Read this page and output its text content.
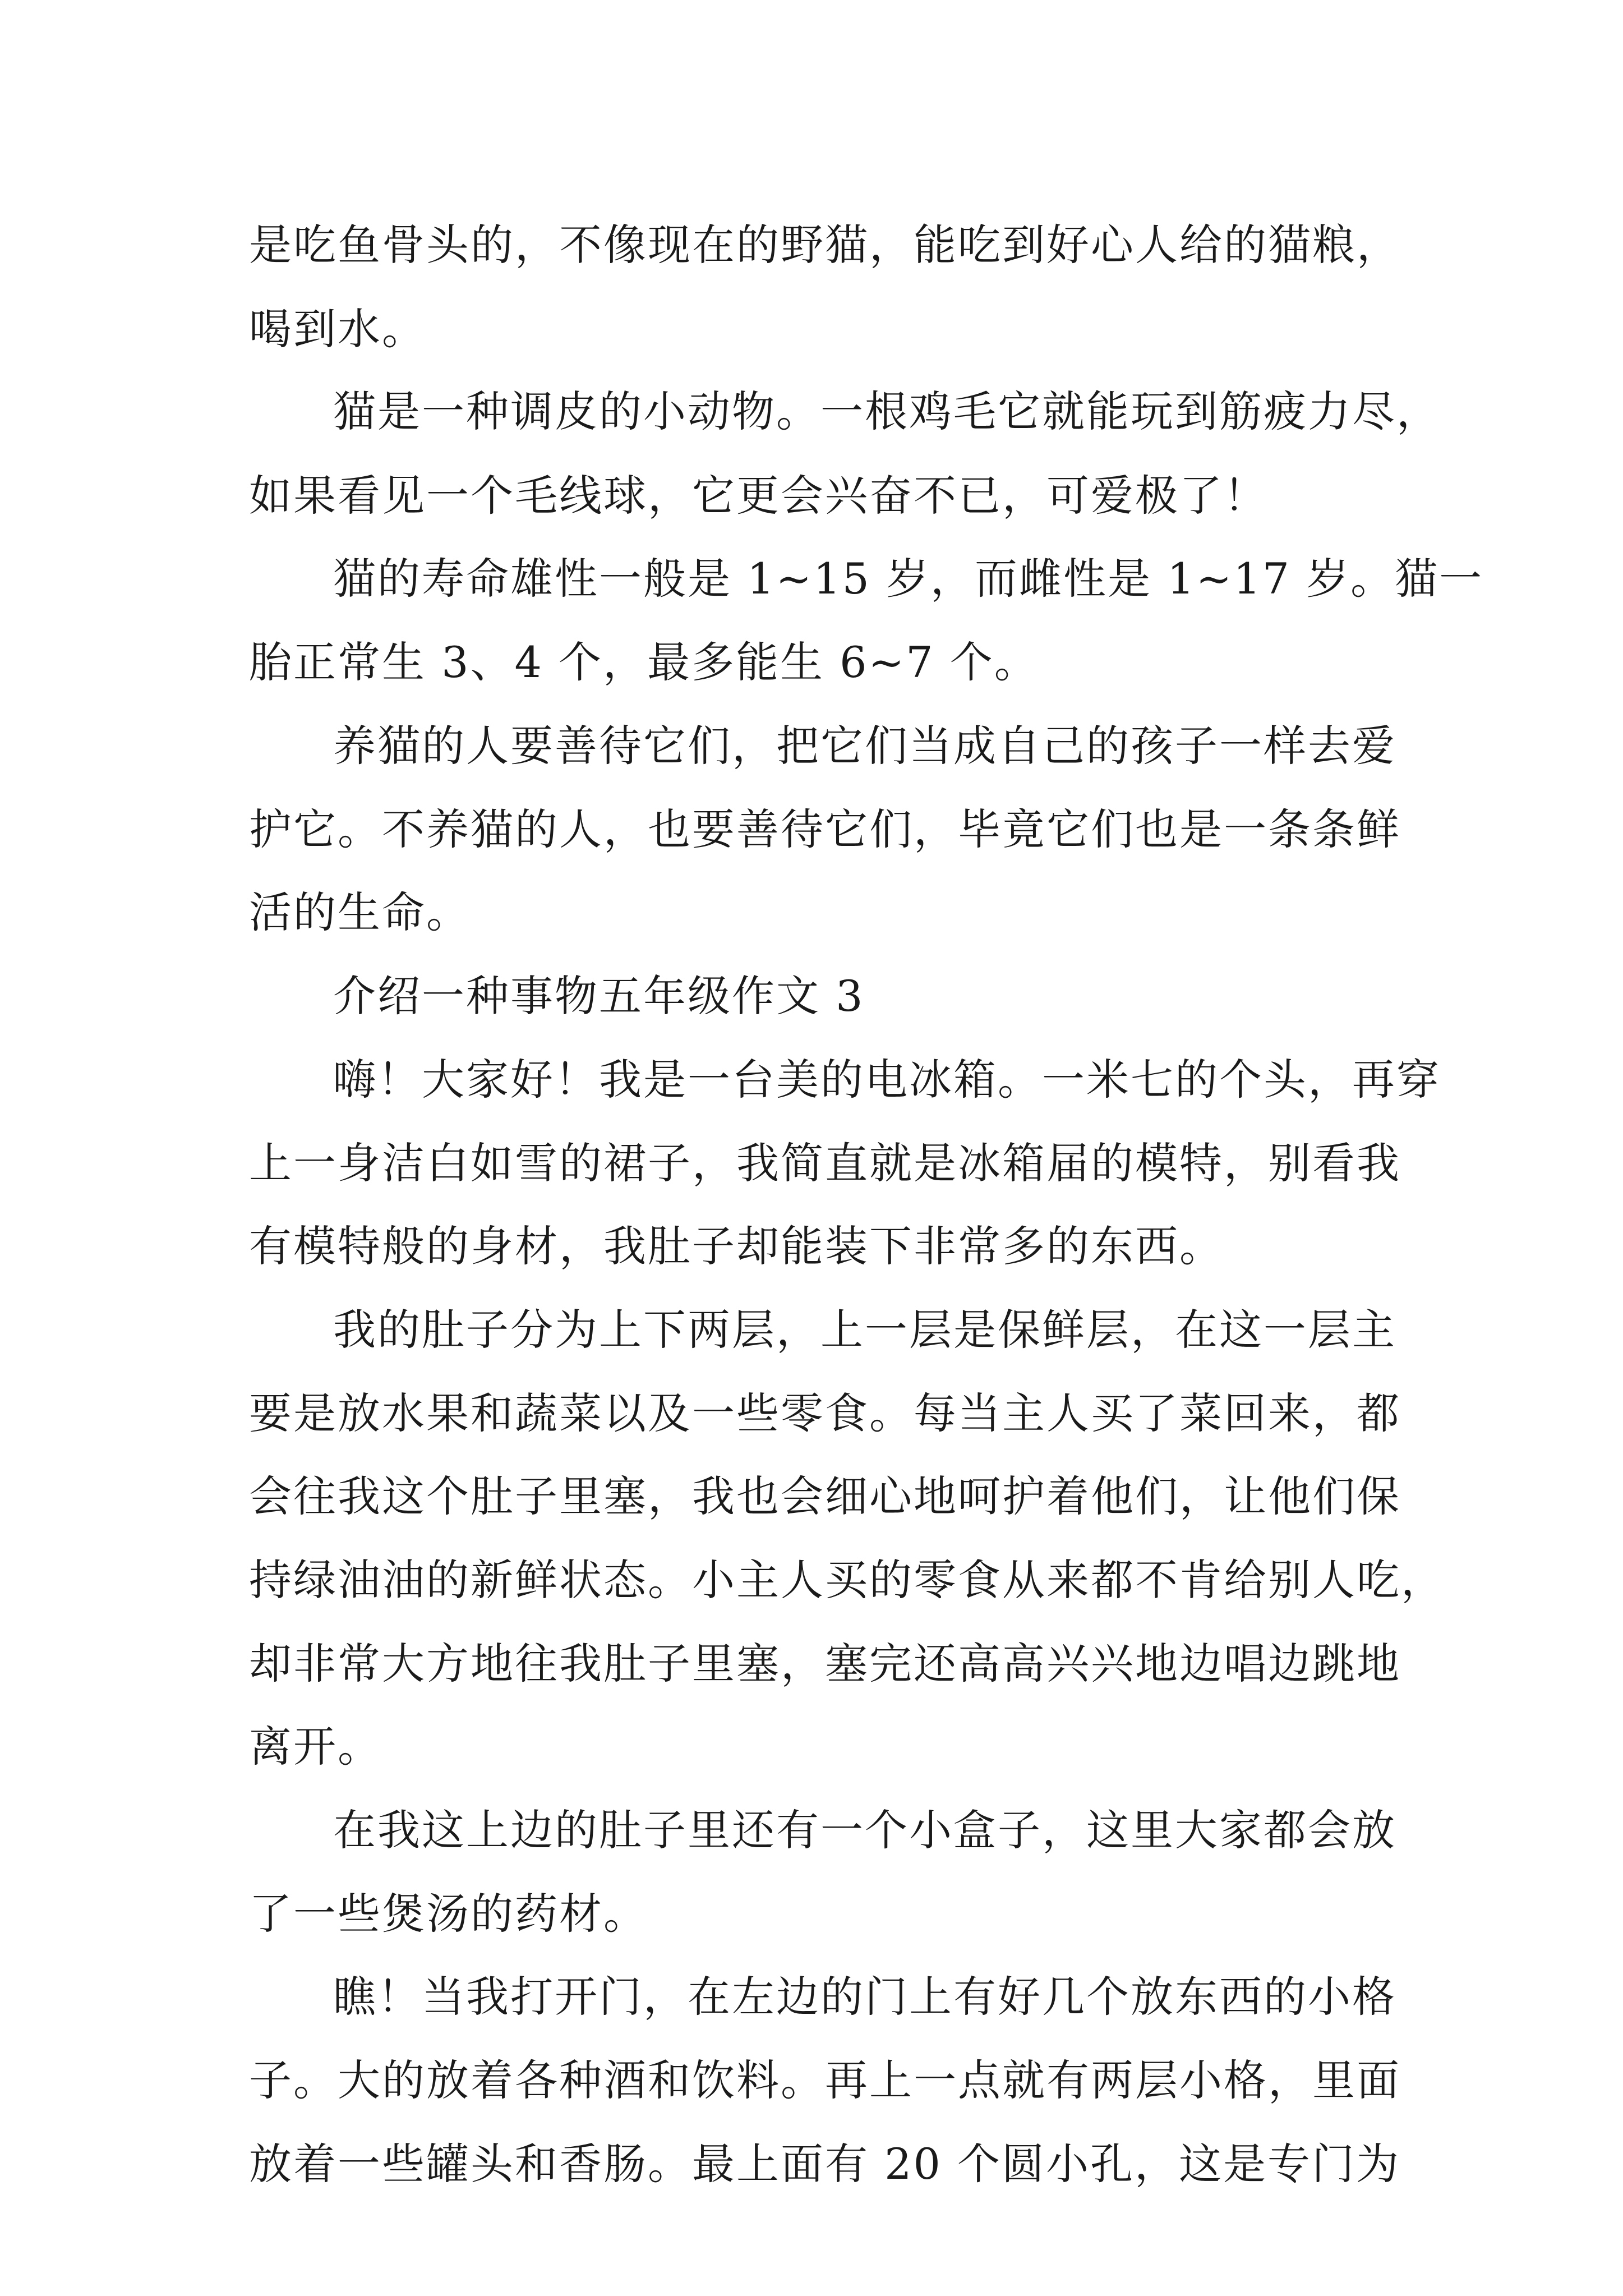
是吃鱼骨头的，不像现在的野猫，能吃到好心人给的猫粮，
喝到水。
猫是一种调皮的小动物。一根鸡毛它就能玩到筋疲力尽，
如果看见一个毛线球，它更会兴奋不已，可爱极了！
猫的寿命雄性一般是 1~15 岁，而雌性是 1~17 岁。猫一
胎正常生 3、4 个，最多能生 6~7 个。
养猫的人要善待它们，把它们当成自己的孩子一样去爱
护它。不养猫的人，也要善待它们，毕竟它们也是一条条鲜
活的生命。
介绍一种事物五年级作文 3
嗨！大家好！我是一台美的电冰箱。一米七的个头，再穿
上一身洁白如雪的裙子，我简直就是冰箱届的模特，别看我
有模特般的身材，我肚子却能装下非常多的东西。
我的肚子分为上下两层，上一层是保鲜层，在这一层主
要是放水果和蔬菜以及一些零食。每当主人买了菜回来，都
会往我这个肚子里塞，我也会细心地呵护着他们，让他们保
持绿油油的新鲜状态。小主人买的零食从来都不肯给别人吃，
却非常大方地往我肚子里塞，塞完还高高兴兴地边唱边跳地
离开。
在我这上边的肚子里还有一个小盒子，这里大家都会放
了一些煲汤的药材。
瞧！当我打开门，在左边的门上有好几个放东西的小格
子。大的放着各种酒和饮料。再上一点就有两层小格，里面
放着一些罐头和香肠。最上面有 20 个圆小孔，这是专门为
